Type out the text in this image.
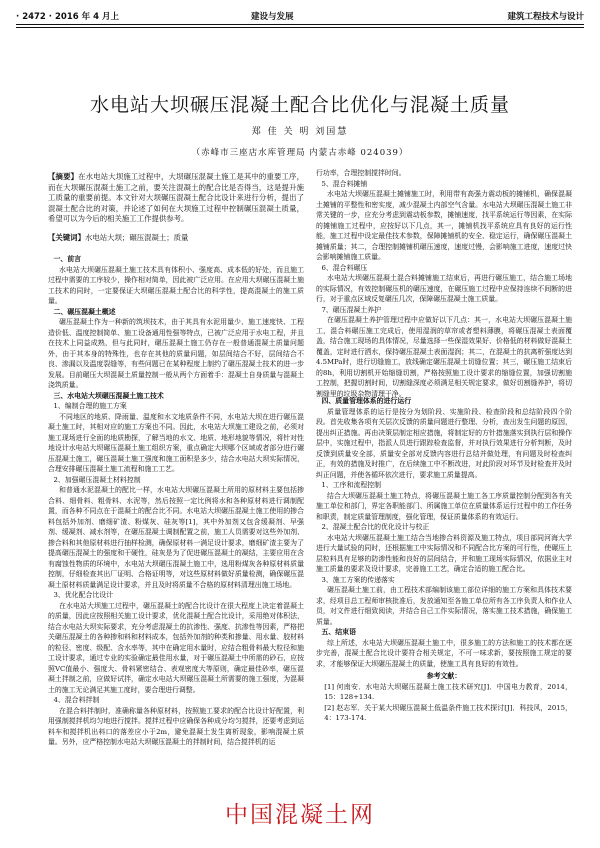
· 2472 · 2016 年 4 月上	建设与发展	建筑工程技术与设计
水电站大坝碾压混凝土配合比优化与混凝土质量
郑 佳 关 明 刘国慧
（赤峰市三座店水库管理局 内蒙古赤峰 024039）
【摘要】在水电站大坝施工过程中，大坝碾压混凝土施工是其中的重要工序，而在大坝碾压混凝土施工之前，要关注混凝土的配合比是否得当，这是提升施工质量的重要前提。本文针对大坝碾压混凝土配合比设计来进行分析，提出了混凝土配合比的对策，并论述了如何在大坝施工过程中控制碾压混凝土质量，希望可以为今后的相关施工工作提供参考。
【关键词】水电站大坝；碾压混凝土；质量

一、前言

水电站大坝碾压混凝土施工技术具有体积小、强度高、成本低的好处，而且施工过程中需要的工序较少，操作相对简单，因此被广泛应用。在应用大坝碾压混凝土施工技术的同时，一定要保证大坝碾压混凝土配合比的科学性，提高混凝土的施工质量。

二、碾压混凝土概述

碾压混凝土作为一种新的筑坝技术，由于其具有水泥用量少、施工速度快、工程造价低、温度控制简单、施工设备通用性强等特点，已被广泛应用于水电工程，并且在技术上同益成熟，但与此同时，碾压混凝土施工仍存在一般普通混凝土质量问题外，由于其本身的特殊性，也存在其他的质量问题，如层间结合不好，层间结合不良、渗漏以及温度裂缝等，有些问题已在某种程度上制约了碾压混凝土技术的进一步发展。目前碾压大坝混凝土质量控制一般从两个方面着手：混凝土自身质量与混凝土浇筑质量。

三、水电站大坝碾压混凝土施工技术

1、编制合理的施工方案

不同地区的地质、降雨量、温度和水文地质条件不同，水电站大坝在进行碾压混凝土施工时，其相对应的施工方案也不同。因此，水电站大坝施工建设之前，必须对施工现场进行全面的地质勘探，了解当地的水文、地质、地形地貌等情况，将针对性地设计水电站大坝碾压混凝土施工组织方案，重点确定大坝哪个区域或者部分进行碾压混凝土施工，碾压混凝土施工强度和施工面积是多少，结合水电站大坝实际情况，合理安排碾压混凝土施工流程和施工工艺。

2、加强碾压混凝土材料控制

和普通水泥混凝土的配比一样，水电站大坝碾压混凝土所用的原材料主要包括掺合料、细骨料、粗骨料、水泥等，然后按照一定比例将水和各种原材料进行调制配置，而各种不同点在于混凝土的配合比不同。水电站大坝碾压混凝土施工使用的掺合料包括外加剂、磨细矿渣、粉煤灰、硅灰等[1]，其中外加剂又包含缓凝剂、早强剂、缓凝剂、减水剂等，在碾压混凝土调制配置之前，施工人员需要对这些外加剂、掺合料和其他原材料进行抽样检测，确保原材料一满足设计要求，磨细矿渣主要为了提高碾压混凝土的强度和干硬性，硅灰是为了促进碾压混凝土的凝结，主要应用在含有腐蚀性物质的环境中，水电站大坝碾压混凝土施工中，选用粉煤灰各种原材料质量控制，仔细检查其出厂证明、合格证明等，对这些原材料做好质量检测，确保碾压混凝土原材料质量满足设计要求，并且及时将质量不合格的原材料清理出施工场地。

3、优化配合比设计

在水电站大坝施工过程中，碾压混凝土的配合比设计在很大程度上决定着混凝土的质量，因此应按照相关施工设计要求，优化混凝土配合比设计，采用绝对体积法，结合水电站大坝实际要求，充分考虑混凝土的抗渗性、强度、抗渗性等因素，严格把关碾压混凝土的各种掺和料和材料成本，包括外加剂的种类和掺量、用水量、胶材料的粒径、密度、级配、含水率等，其中在确定用水量时，应结合粗骨料最大粒径和施工设计要求，通过专业的实验确定最佳用水量，对于碾压混凝土中所需的砂石，应按照VC值最小、强度大、骨料紧密结合、表观密度大等原则，确定最佳砂率，碾压混凝土拌制之前，应做好试拌，确定水电站大坝碾压混凝土所需要的施工强度，为混凝土的施工无论满足其施工度时，要合理进行调整。

4、混合料拌制

在混合料拌制时，准确称量各种原材料，按照施工要求的配合比设计好配置，利用强制搅拌机均匀地进行搅拌。搅拌过程中应确保各种成分均匀搅拌，还要考虑到运料车和搅拌机出料口的落差应小于2m，避免混凝土发生离析现象，影响混凝土质量。另外，应严格控制水电站大坝碾压混凝土的拌制时间，结合搅拌机的运

行功率，合理控制搅拌时间。

5、混合料摊铺

水电站大坝碾压混凝土摊铺施工时，利用带有高强力震动板的摊铺机，确保混凝土摊铺的平整性和密实度，减少混凝土内部空气含量。水电站大坝碾压混凝土施工非常关键的一步，应充分考虑到震动板参数，摊铺速度，找平系统运行等因素，在实际的摊铺施工过程中，应按好以下几点，其一，摊铺机找平系统应具有良好的运行性能，施工过程中设定最佳技术参数，保障摊铺机的安全、稳定运行，确保碾压混凝土摊铺质量；其二，合理控制摊铺机碾压速度，速度过慢，会影响施工进度，速度过快会影响摊铺施工质量。

6、混合料碾压

水电站大坝碾压混凝土混合料摊铺施工结束后，再进行碾压施工，结合施工场地的实际情况，有效控制碾压机的碾压速度，在碾压施工过程中应保持连续不间断的进行，对于重点区域反复碾压几次，保障碾压混凝土施工质量。

7、碾压混凝土养护

在碾压混凝土养护管理过程中应做好以下几点：其一，水电站大坝碾压混凝土施工，混合料碾压施工完成后，使用湿润的草帘或者塑料薄膜，将碾压混凝土表面覆盖，结合施工现场的具体情况，尽量选择一些保湿效果好、价格低的材料做好混凝土覆盖，定时进行洒水，保持碾压混凝土表面湿润；其二，在混凝土的抗离析强度达到4.5MPa时，进行切缝施工，放线确定碾压混凝土切缝位置；其三，碾压施工结束后的8h，利用切割机开始缩缝切割，严格按照施工设计要求的缩缝位置，加强切割施工控制，把握切割时间，切割缝深度必须满足相关规定要求，做好切割缝养护，将切割缝里的垃圾杂物清理干净。

四、质量管理体系的进行运行

质量管理体系的运行是按分为划阶段、实施阶段、检查阶段和总结阶段四个阶段。首先收集各项有关层次反馈的质量问题进行整理、分析，查出发生问题的原因，提出纠正措施。再由决策层制定相应措施，将制定好的方针措施落实到执行层和操作层中，实施过程中，指派人员进行跟踪检查监督，并对执行效果进行分析判断，及时反馈到质量安全部，质量安全部对反馈内容进行总结并做处理，有问题及时检查纠正，有效的措施及时推广，在后续施工中不断改进，对此阶段对环节及时检查并及时纠正问题，并使各循环依次进行，要求施工质量提高。

1、工序和流程控制

结合大坝碾压混凝土施工特点，将碾压混凝土施工各工序质量控制分配到各有关施工单位和部门，界定各职能部门、所属施工单位在质量体系运行过程中的工作任务和职责，制定质量管理制度，强化管理，保证质量体系的有效运行。

2、混凝土配合比的优化设计与校正

水电站大坝碾压混凝土施工结合当地掺合料资源及施工特点，项目部同河海大学进行大量试验的同时，还根据施工中实际情况和不同配合比方案的可行性，使碾压上层粒料具有足够的防渗性能和良好的层间结合，并和施工现场实际情况，依据业主对施工质量的要求及设计要求，完善施工工艺，确定合适的施工配合比。

3、施工方案的传递落实

碾压混凝土施工前，由工程技术部编制该施工部位详细的施工方案和具体技术要求，经项目总工程师审核批准后，发放通知至各施工单位所有各工序负责人和作业人员，对文件进行细致阅读，并结合自己工作实际情况，落实施工技术措施，确保施工质量。

五、结束语

综上所述，水电站大坝碾压混凝土施工中，很多施工的方法和施工的技术都在逐步完善，混凝土配合比设计要符合相关规定，不可一味求新，要按照施工规定的要求，才能够保证大坝碾压混凝土的质量，使施工具有良好的有效性。

参考文献：

[1] 何南安．水电站大坝碾压混凝土施工技术研究[J]．中国电力教育，2014，15：128+134.

[2] 赵志军．关于某大坝碾压混凝土低温条件施工技术探讨[J]．科技风，2015，4：173-174.

中国混凝土网
